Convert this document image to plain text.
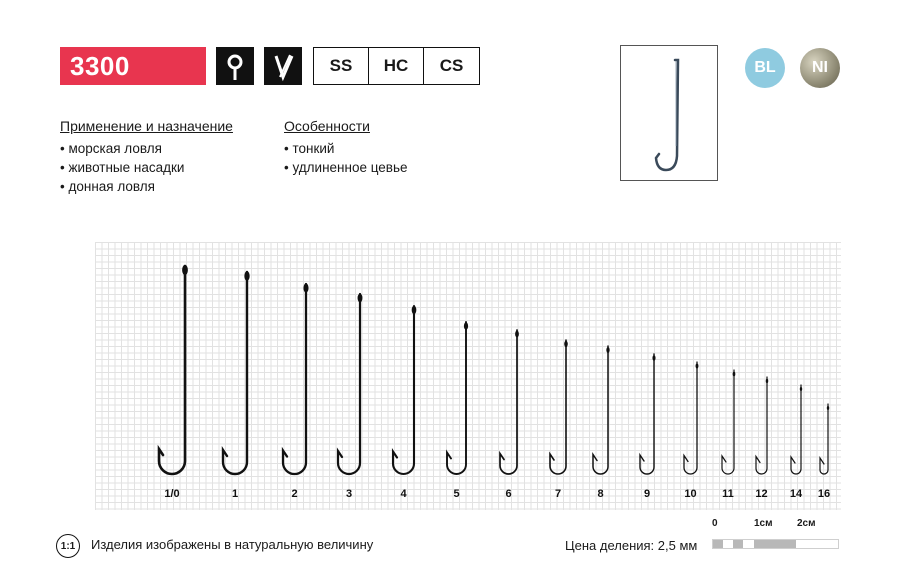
3300	SS	HC	CS	BL NI
Применение и назначение
• морская ловля
• животные насадки
• донная ловля
Особенности
• тонкий
• удлиненное цевье
1/0	1	2	3	4	5	6	7	8	9	10 11 12 14 16
1:1	Изделия изображены в натуральную величину	Цена деления: 2,5 мм
0	1см 2см
